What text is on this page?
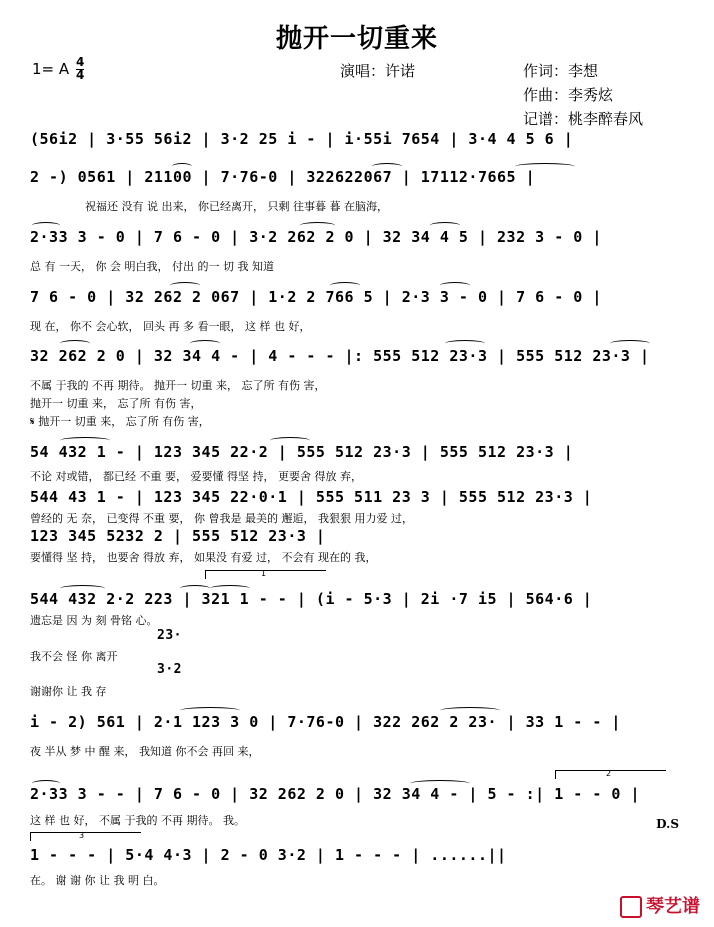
抛开一切重来
1= A 4
4	演唱：许诺	作词：李想
作曲：李秀炫
记谱：桃李醉春风
(56i2 | 3·55 56i2 | 3·2 25 i - | i·55i 7654 | 3·4 4 5 6 |
2 -) 0561 | 21100 | 7·76-0 | 322622067 | 17112·7665 |
祝福还 没有 说 出来， 你已经离开， 只剩 往事暮 暮 在脑海，
2·33 3 - 0 | 7 6 - 0 | 3·2 262 2 0 | 32 34 4 5 | 232 3 - 0 |
总 有 一天， 你 会 明白我， 付出 的一 切 我 知道
7 6 - 0 | 32 262 2 067 | 1·2 2 766 5 | 2·3 3 - 0 | 7 6 - 0 |
现 在， 你不 会心软， 回头 再 多 看一眼， 这 样 也 好，
32 262 2 0 | 32 34 4 - | 4 - - - |: 555 512 23·3 | 555 512 23·3 |
不属 于我的 不再 期待。 抛开一 切重 来， 忘了所 有伤 害，
抛开一 切重 来， 忘了所 有伤 害，
𝄋 抛开一 切重 来， 忘了所 有伤 害，
54 432 1 - | 123 345 22·2 | 555 512 23·3 | 555 512 23·3 |
不论 对或错， 都已经 不重 要， 爱要懂 得坚 持， 更要舍 得放 弃，
544 43 1 - | 123 345 22·0·1 | 555 511 23 3 | 555 512 23·3 |
曾经的 无 奈， 已变得 不重 要， 你 曾我是 最美的 邂逅， 我狠狠 用力爱 过，
123 345 5232 2 | 555 512 23·3 |
要懂得 坚 持， 也要舍 得放 弃， 如果没 有爱 过， 不会有 现在的 我，
1
544 432 2·2 223 | 321 1 - - | (i - 5·3 | 2i ·7 i5 | 564·6 |
遗忘是 因 为 刻 骨铭 心。
23·
我不会 怪 你 离开
3·2
谢谢你 让 我 存
i - 2) 561 | 2·1 123 3 0 | 7·76-0 | 322 262 2 23· | 33 1 - - |
夜 半从 梦 中 醒 来， 我知道 你不会 再回 来，
2
2·33 3 - - | 7 6 - 0 | 32 262 2 0 | 32 34 4 - | 5 - :| 1 - - 0 |
这 样 也 好， 不属 于我的 不再 期待。 我。	D.S
3
1 - - - | 5·4 4·3 | 2 - 0 3·2 | 1 - - - | ......||
在。 谢 谢 你 让 我 明 白。
琴艺谱
